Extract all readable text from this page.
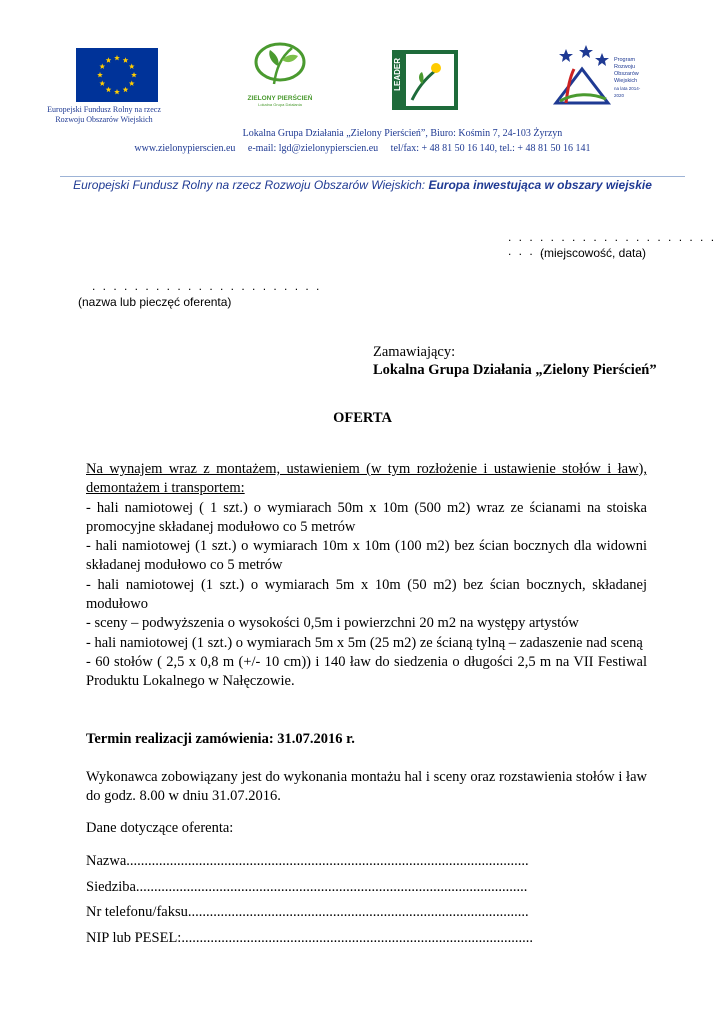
Europejski Fundusz Rolny na rzecz
Rozwoju Obszarów Wiejskich
ZIELONY PIERŚCIEŃ
Lokalna Grupa Działania
LEADER	Program
Rozwoju
Obszarów
Wiejskich
na lata 2014-2020
Lokalna Grupa Działania „Zielony Pierścień”, Biuro: Kośmin 7, 24-103 Żyrzyn
www.zielonypierscien.eu     e-mail: lgd@zielonypierscien.eu     tel/fax: + 48 81 50 16 140, tel.: + 48 81 50 16 141
Europejski Fundusz Rolny na rzecz Rozwoju Obszarów Wiejskich: Europa inwestująca w obszary wiejskie
. . . . . . . . . . . . . . . . . . . . . . . .
(miejscowość, data)
. . . . . . . . . . . . . . . . . . . . . .
(nazwa lub pieczęć oferenta)
Zamawiający:
Lokalna Grupa Działania „Zielony Pierścień”
OFERTA
Na wynajem wraz z montażem, ustawieniem (w tym rozłożenie i ustawienie stołów i ław), demontażem i transportem:
- hali namiotowej ( 1 szt.) o wymiarach 50m x 10m (500 m2) wraz ze ścianami na stoiska promocyjne składanej modułowo co 5 metrów
- hali namiotowej (1 szt.) o wymiarach 10m x 10m (100 m2) bez ścian bocznych dla widowni składanej modułowo co 5 metrów
- hali namiotowej (1 szt.) o wymiarach 5m x 10m (50 m2) bez ścian bocznych, składanej modułowo
- sceny – podwyższenia o wysokości 0,5m i powierzchni 20 m2 na występy artystów
- hali namiotowej (1 szt.) o wymiarach 5m x 5m (25 m2) ze ścianą tylną – zadaszenie nad sceną
- 60 stołów ( 2,5 x 0,8 m (+/- 10 cm)) i 140 ław do siedzenia o długości 2,5 m na VII Festiwal Produktu Lokalnego w Nałęczowie.
Termin realizacji zamówienia: 31.07.2016 r.
Wykonawca zobowiązany jest do wykonania montażu hal i sceny oraz rozstawienia stołów i ław do godz. 8.00 w dniu 31.07.2016.
Dane dotyczące oferenta:
Nazwa...............................................................................................................
Siedziba............................................................................................................
Nr telefonu/faksu..............................................................................................
NIP lub PESEL:.................................................................................................
